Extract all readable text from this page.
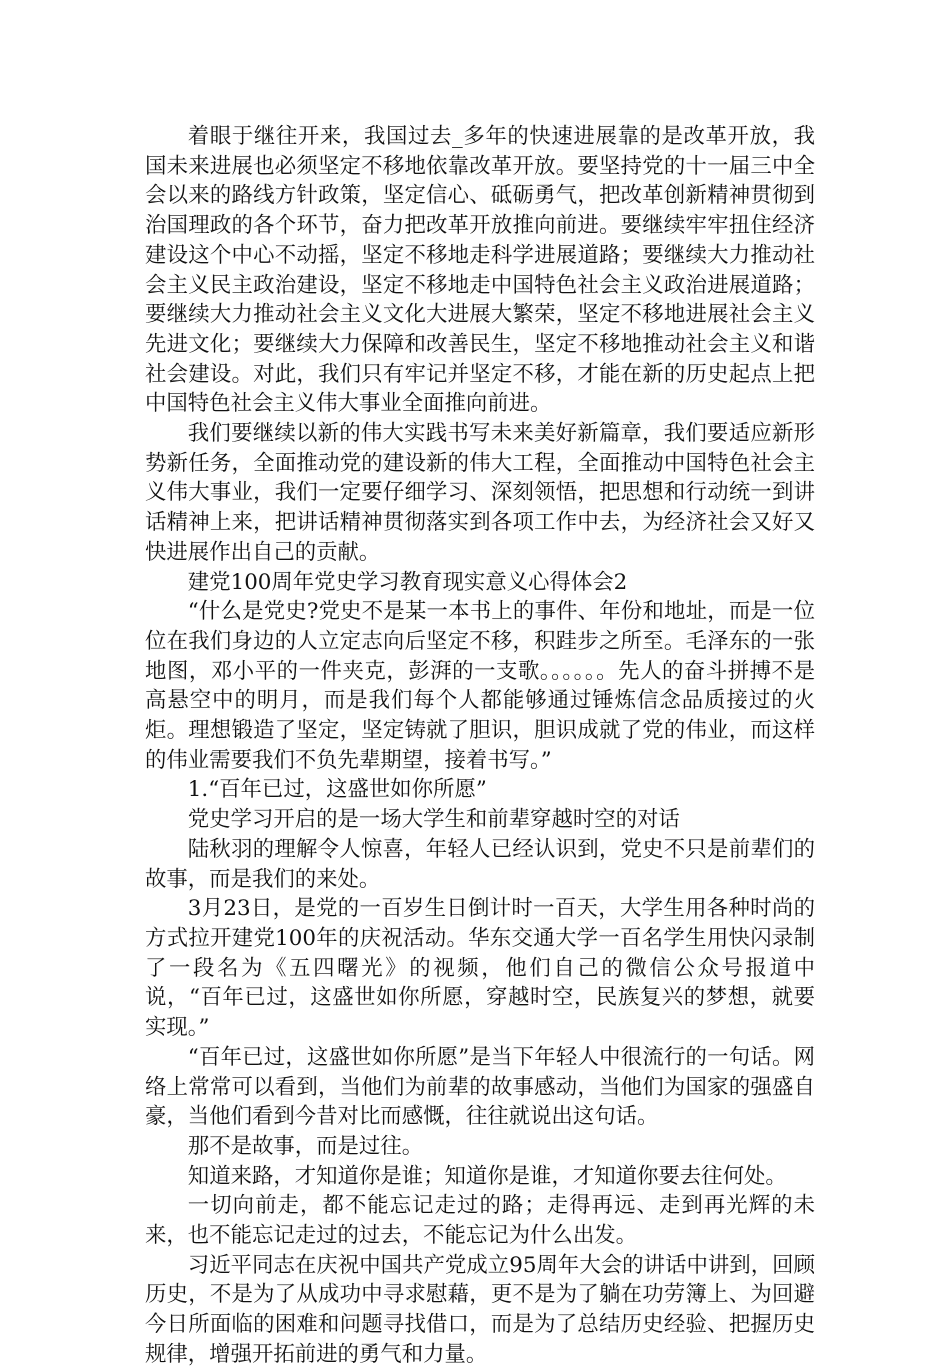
着眼于继往开来，我国过去_多年的快速进展靠的是改革开放，我国未来进展也必须坚定不移地依靠改革开放。要坚持党的十一届三中全会以来的路线方针政策，坚定信心、砥砺勇气，把改革创新精神贯彻到治国理政的各个环节，奋力把改革开放推向前进。要继续牢牢扭住经济建设这个中心不动摇，坚定不移地走科学进展道路；要继续大力推动社会主义民主政治建设，坚定不移地走中国特色社会主义政治进展道路；要继续大力推动社会主义文化大进展大繁荣，坚定不移地进展社会主义先进文化；要继续大力保障和改善民生，坚定不移地推动社会主义和谐社会建设。对此，我们只有牢记并坚定不移，才能在新的历史起点上把中国特色社会主义伟大事业全面推向前进。

我们要继续以新的伟大实践书写未来美好新篇章，我们要适应新形势新任务，全面推动党的建设新的伟大工程，全面推动中国特色社会主义伟大事业，我们一定要仔细学习、深刻领悟，把思想和行动统一到讲话精神上来，把讲话精神贯彻落实到各项工作中去，为经济社会又好又快进展作出自己的贡献。

建党100周年党史学习教育现实意义心得体会2

“什么是党史?党史不是某一本书上的事件、年份和地址，而是一位位在我们身边的人立定志向后坚定不移，积跬步之所至。毛泽东的一张地图，邓小平的一件夹克，彭湃的一支歌。。。。。。先人的奋斗拼搏不是高悬空中的明月，而是我们每个人都能够通过锤炼信念品质接过的火炬。理想锻造了坚定，坚定铸就了胆识，胆识成就了党的伟业，而这样的伟业需要我们不负先辈期望，接着书写。”

1.“百年已过，这盛世如你所愿”

党史学习开启的是一场大学生和前辈穿越时空的对话

陆秋羽的理解令人惊喜，年轻人已经认识到，党史不只是前辈们的故事，而是我们的来处。

3月23日，是党的一百岁生日倒计时一百天，大学生用各种时尚的方式拉开建党100年的庆祝活动。华东交通大学一百名学生用快闪录制了一段名为《五四曙光》的视频，他们自己的微信公众号报道中说，“百年已过，这盛世如你所愿，穿越时空，民族复兴的梦想，就要实现。”

“百年已过，这盛世如你所愿”是当下年轻人中很流行的一句话。网络上常常可以看到，当他们为前辈的故事感动，当他们为国家的强盛自豪，当他们看到今昔对比而感慨，往往就说出这句话。

那不是故事，而是过往。

知道来路，才知道你是谁；知道你是谁，才知道你要去往何处。

一切向前走，都不能忘记走过的路；走得再远、走到再光辉的未来，也不能忘记走过的过去，不能忘记为什么出发。

习近平同志在庆祝中国共产党成立95周年大会的讲话中讲到，回顾历史，不是为了从成功中寻求慰藉，更不是为了躺在功劳簿上、为回避今日所面临的困难和问题寻找借口，而是为了总结历史经验、把握历史规律，增强开拓前进的勇气和力量。
